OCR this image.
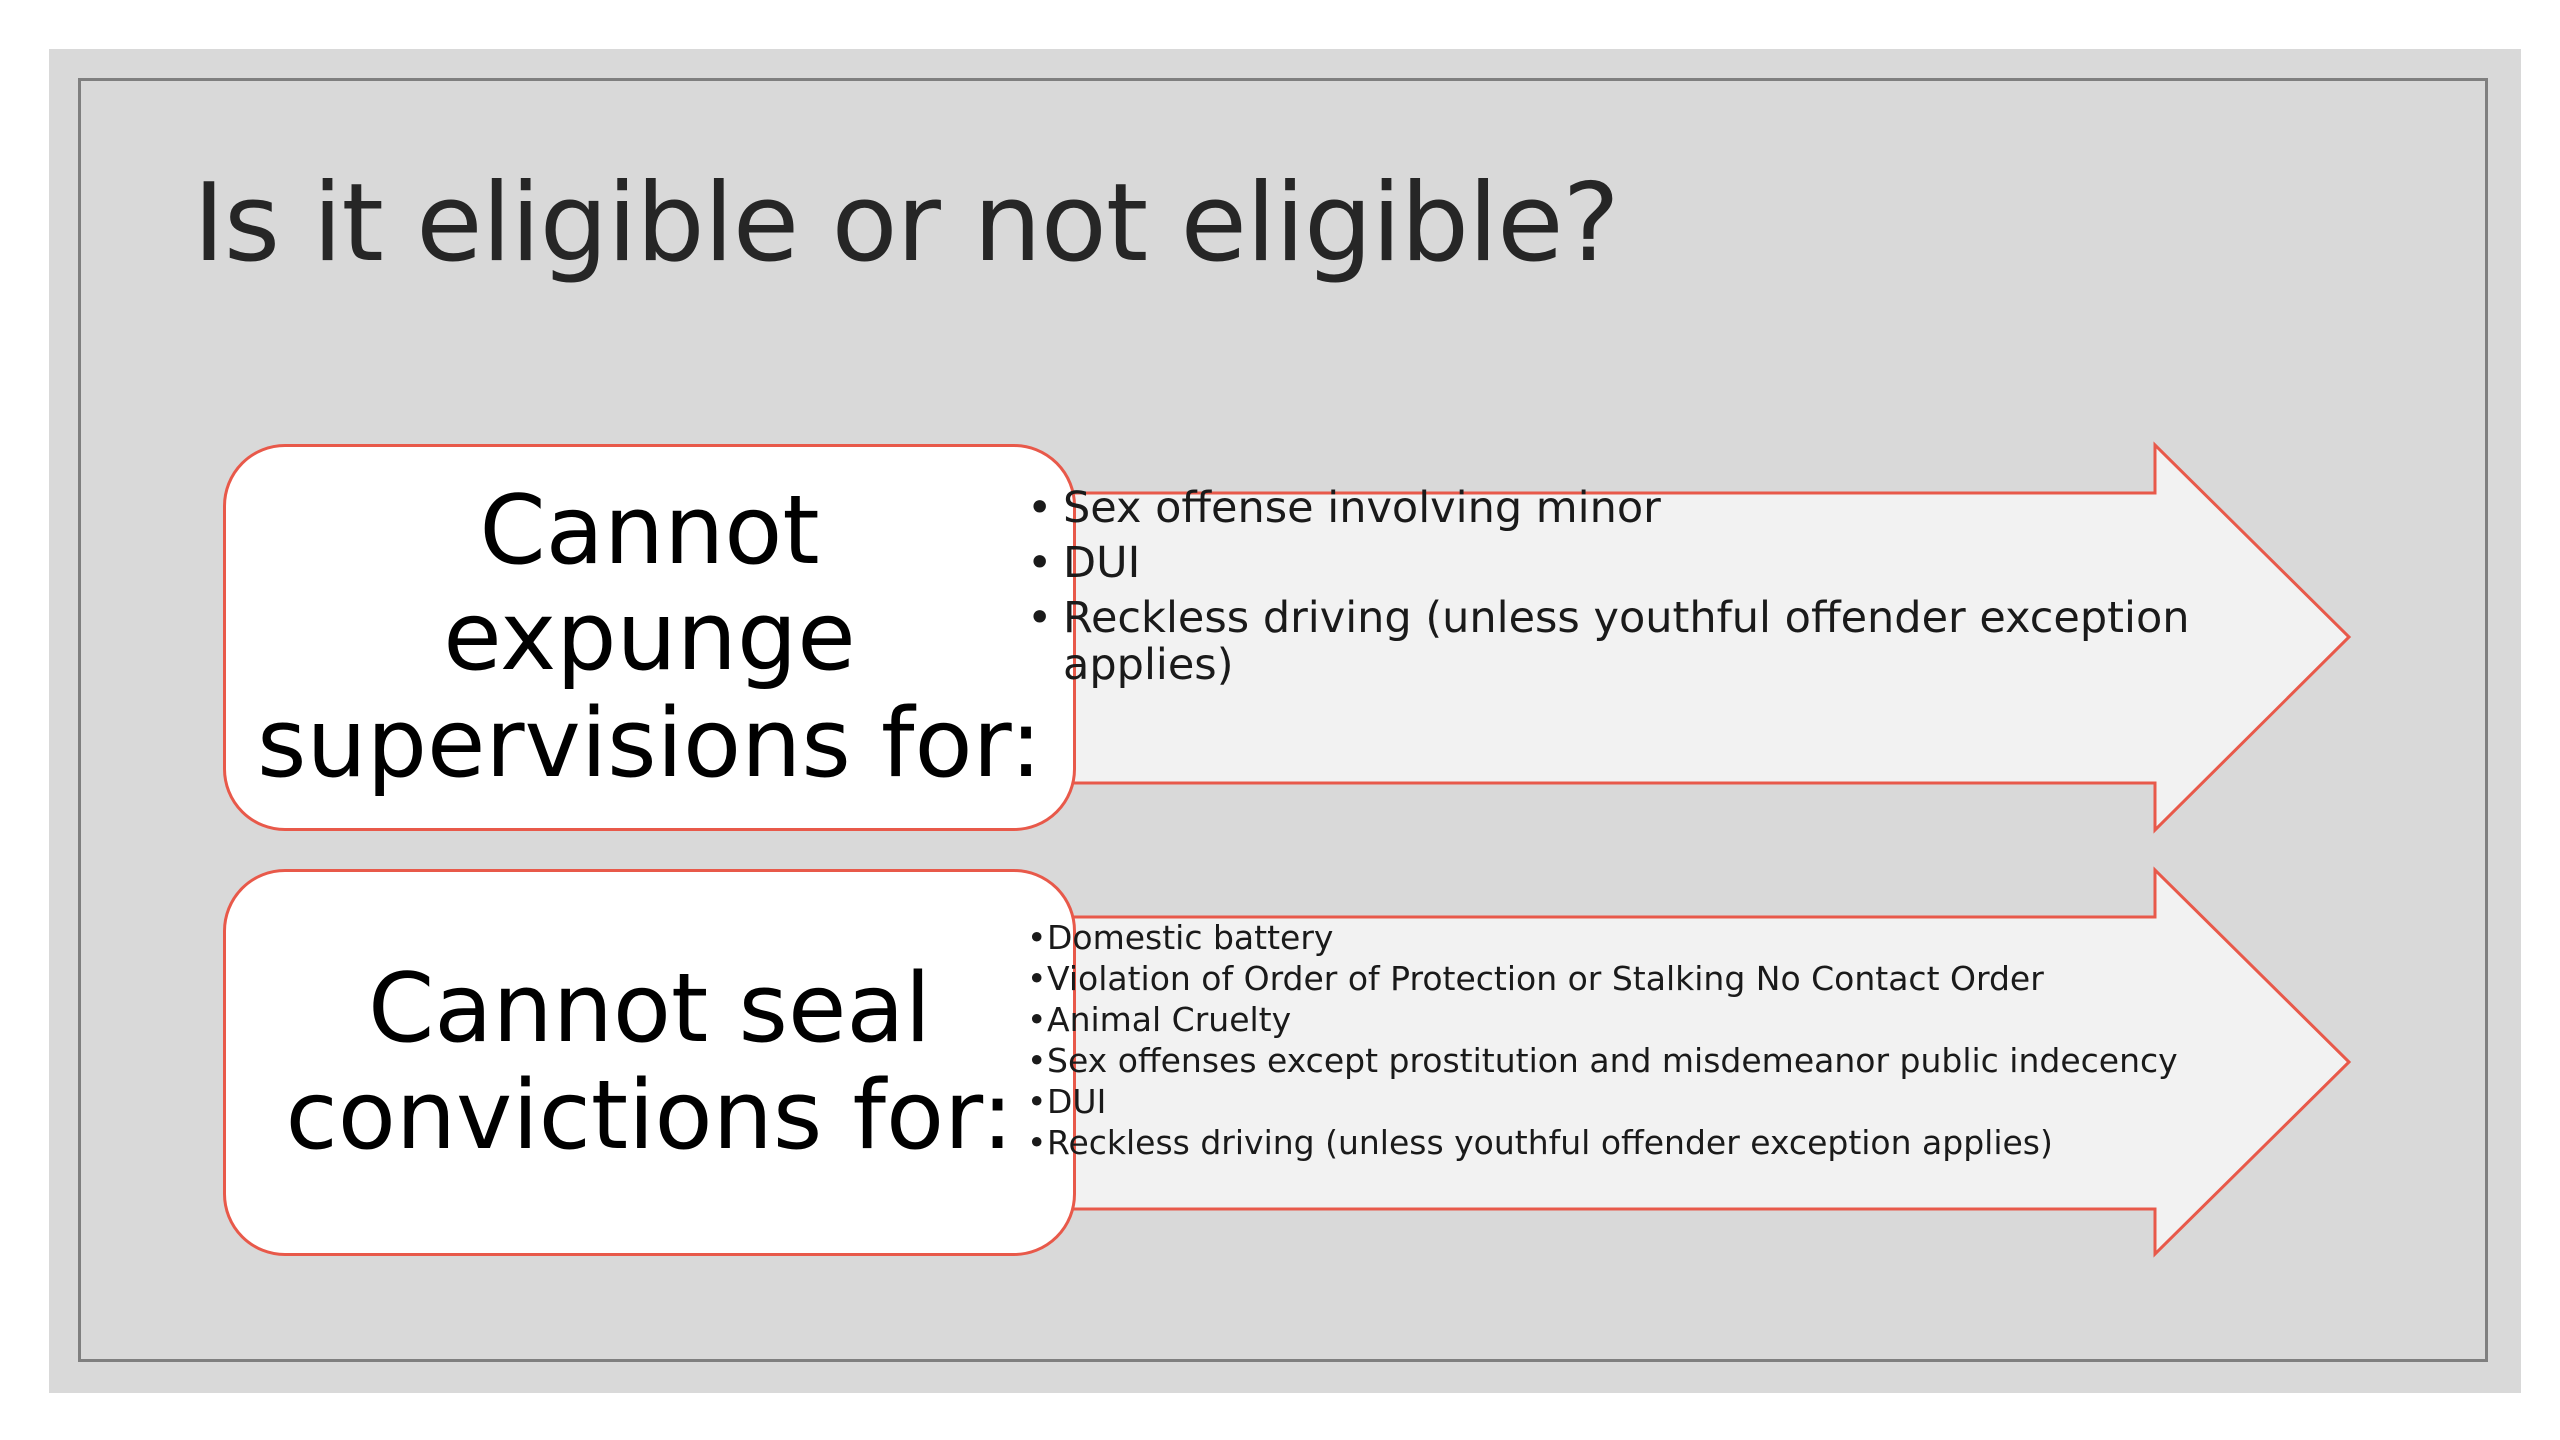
Is it eligible or not eligible?
Cannot
expunge
supervisions for:
Cannot seal
convictions for:
• Sex offense involving minor
• DUI
• Reckless driving (unless youthful offender exception applies)
• Domestic battery
• Violation of Order of Protection or Stalking No Contact Order
• Animal Cruelty
• Sex offenses except prostitution and misdemeanor public indecency
• DUI
• Reckless driving (unless youthful offender exception applies)
